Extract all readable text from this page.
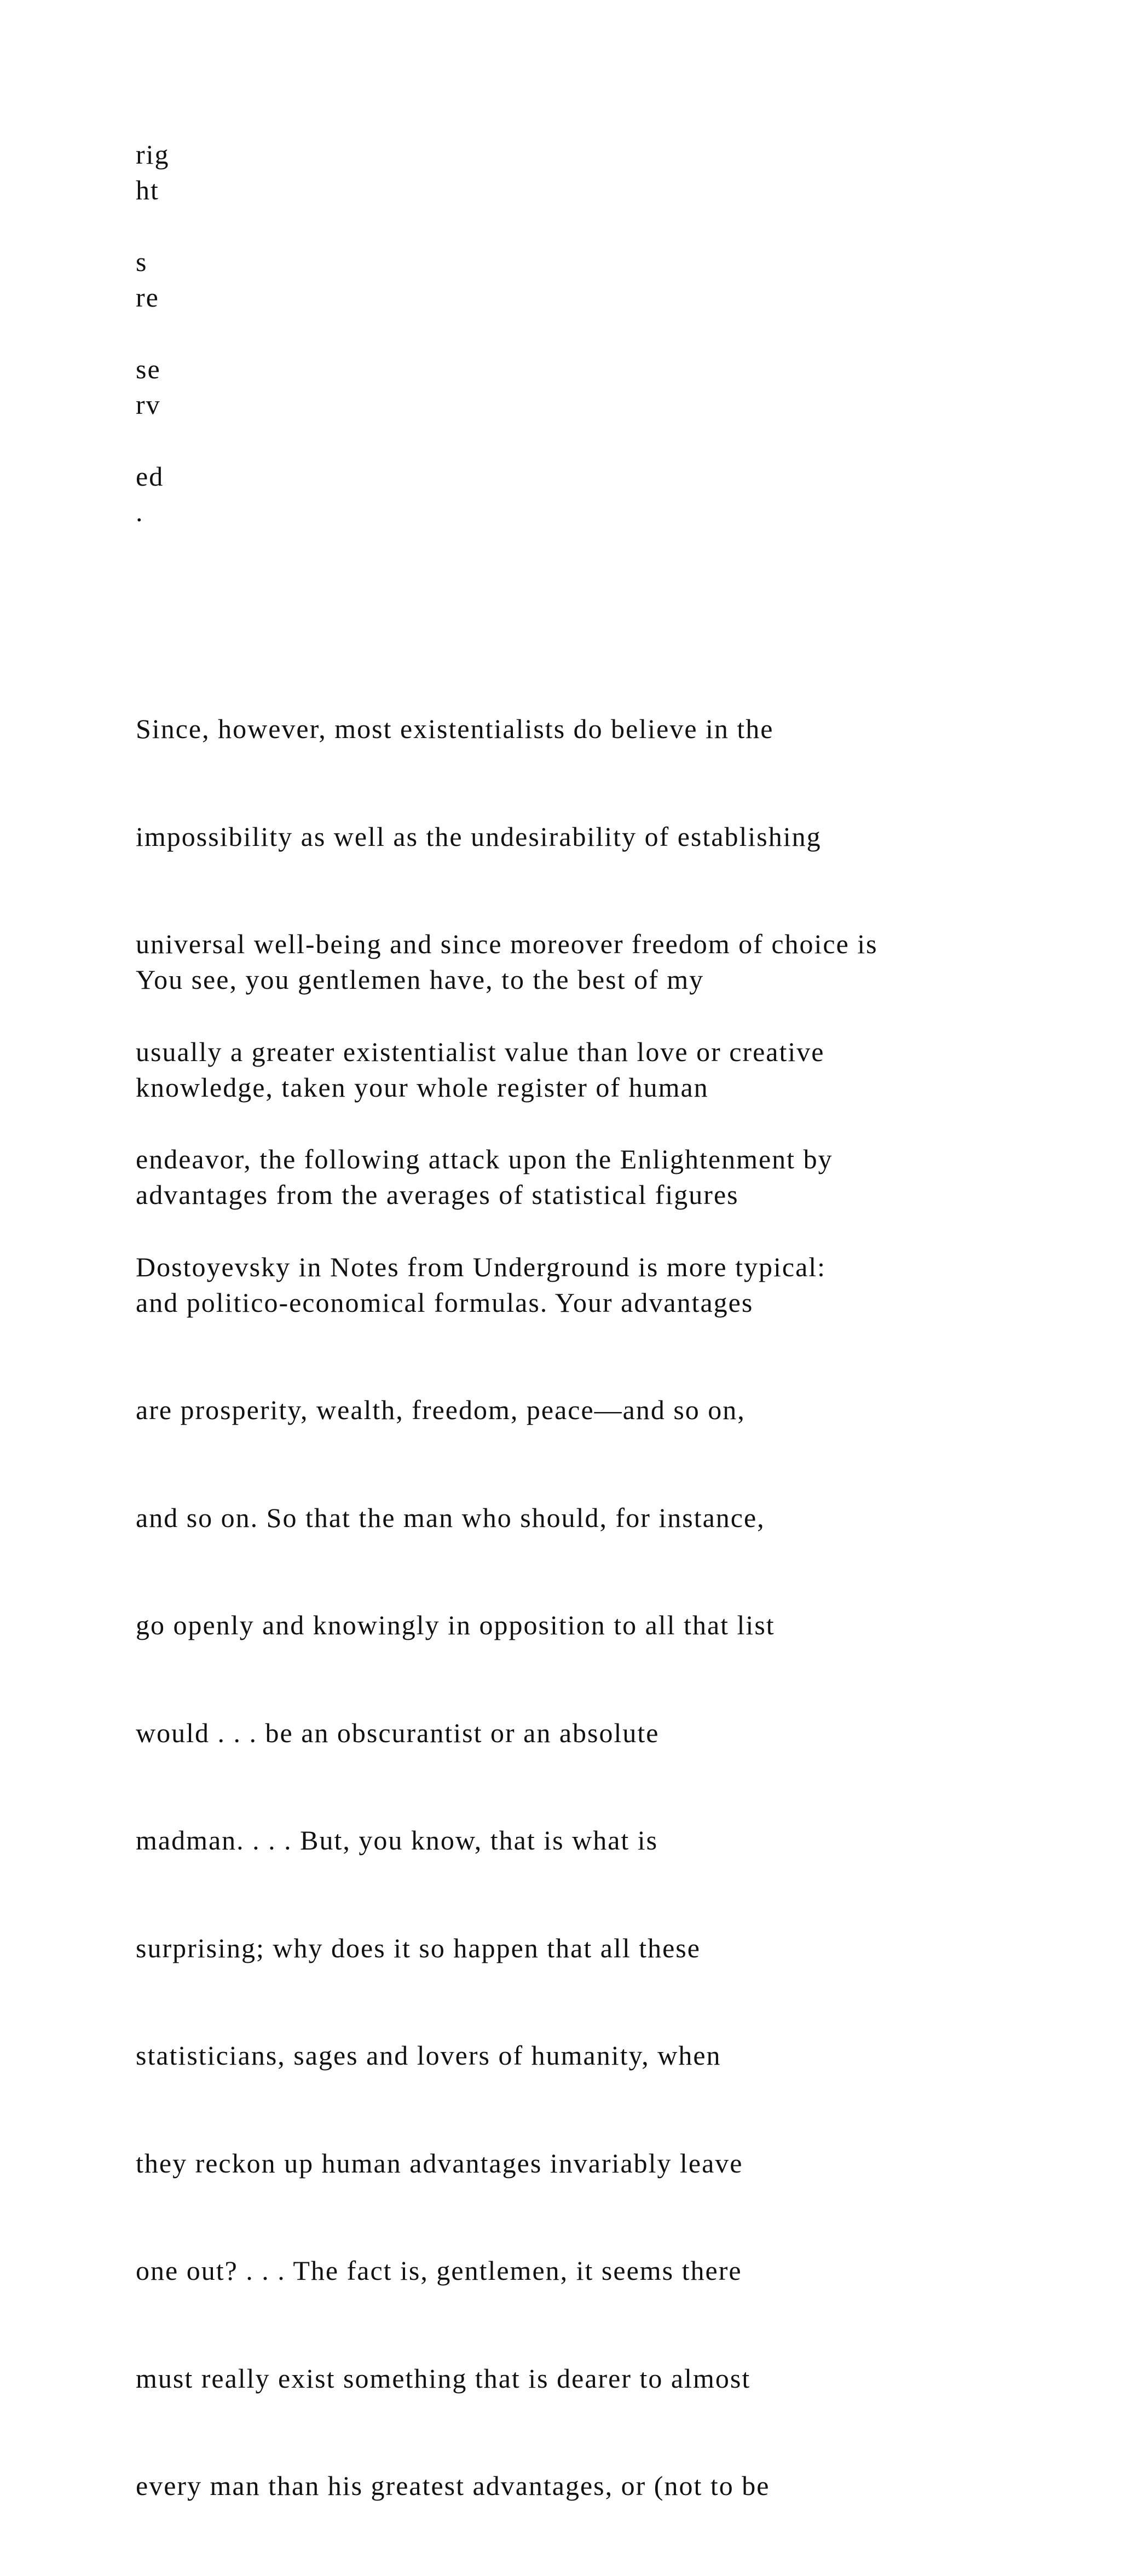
rig
ht
s
re
se
rv
ed
.

Since, however, most existentialists do believe in the

impossibility as well as the undesirability of establishing

universal well-being and since moreover freedom of choice is

usually a greater existentialist value than love or creative

endeavor, the following attack upon the Enlightenment by

Dostoyevsky in Notes from Underground is more typical:

You see, you gentlemen have, to the best of my

knowledge, taken your whole register of human

advantages from the averages of statistical figures

and politico-economical formulas. Your advantages

are prosperity, wealth, freedom, peace—and so on,

and so on. So that the man who should, for instance,

go openly and knowingly in opposition to all that list

would . . . be an obscurantist or an absolute

madman. . . . But, you know, that is what is

surprising; why does it so happen that all these

statisticians, sages and lovers of humanity, when

they reckon up human advantages invariably leave

one out? . . . The fact is, gentlemen, it seems there

must really exist something that is dearer to almost

every man than his greatest advantages, or (not to be
